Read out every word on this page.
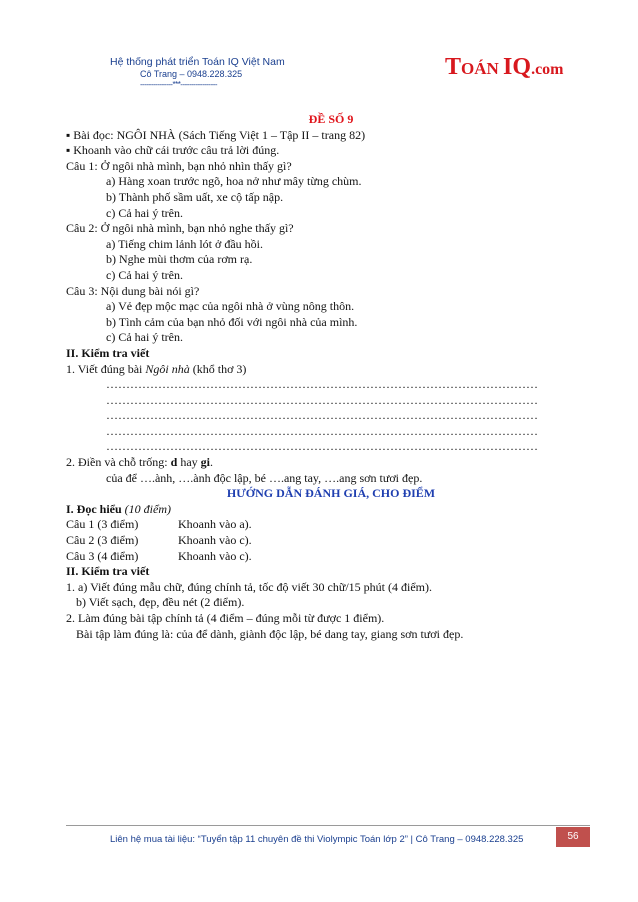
Hệ thống phát triển Toán IQ Việt Nam
Cô Trang – 0948.228.325
---------------***-----------------
TOÁN IQ.com
ĐỀ SỐ 9
▪ Bài đọc: NGÔI NHÀ (Sách Tiếng Việt 1 – Tập II – trang 82)
▪ Khoanh vào chữ cái trước câu trả lời đúng.
Câu 1: Ở ngôi nhà mình, bạn nhỏ nhìn thấy gì?
a) Hàng xoan trước ngõ, hoa nở như mây từng chùm.
b) Thành phố sầm uất, xe cộ tấp nập.
c) Cả hai ý trên.
Câu 2: Ở ngôi nhà mình, bạn nhỏ nghe thấy gì?
a) Tiếng chim lảnh lót ở đầu hồi.
b) Nghe mùi thơm của rơm rạ.
c) Cả hai ý trên.
Câu 3: Nội dung bài nói gì?
a) Vẻ đẹp mộc mạc của ngôi nhà ở vùng nông thôn.
b) Tình cảm của bạn nhỏ đối với ngôi nhà của mình.
c) Cả hai ý trên.
II. Kiểm tra viết
1. Viết đúng bài Ngôi nhà (khổ thơ 3)
………………………………………………………………………………………………
………………………………………………………………………………………………
………………………………………………………………………………………………
………………………………………………………………………………………………
………………………………………………………………………………………………
2. Điền và chỗ trống: d hay gi.
của để ….ành, ….ành độc lập, bé ….ang tay, ….ang sơn tươi đẹp.
HƯỚNG DẪN ĐÁNH GIÁ, CHO ĐIỂM
I. Đọc hiểu (10 điểm)
Câu 1 (3 điểm)	Khoanh vào a).
Câu 2 (3 điểm)	Khoanh vào c).
Câu 3 (4 điểm)	Khoanh vào c).
II. Kiểm tra viết
1. a) Viết đúng mẫu chữ, đúng chính tả, tốc độ viết 30 chữ/15 phút (4 điểm).
b) Viết sạch, đẹp, đều nét (2 điểm).
2. Làm đúng bài tập chính tả (4 điểm – đúng mỗi từ được 1 điểm).
Bài tập làm đúng là: của để dành, giành độc lập, bé dang tay, giang sơn tươi đẹp.
Liên hệ mua tài liệu: “Tuyển tập 11 chuyên đề thi Violympic Toán lớp 2” | Cô Trang – 0948.228.325	56
